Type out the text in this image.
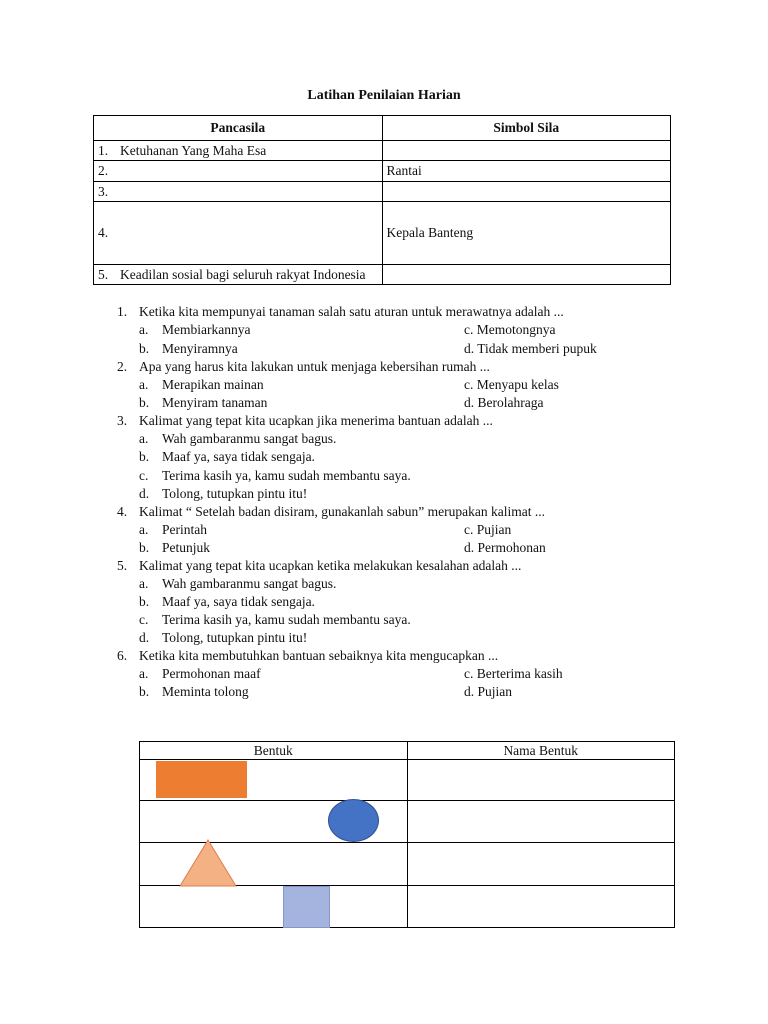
Latihan Penilaian Harian
Pancasila	Simbol Sila
1. Ketuhanan Yang Maha Esa	
2.	Rantai
3.	
4.	Kepala Banteng
5. Keadilan sosial bagi seluruh rakyat Indonesia	
1. Ketika kita mempunyai tanaman salah satu aturan untuk merawatnya adalah ...
a. Membiarkannya
b. Menyiramnya
c. Memotongnya
d. Tidak memberi pupuk
2. Apa yang harus kita lakukan untuk menjaga kebersihan rumah ...
a. Merapikan mainan
b. Menyiram tanaman
c. Menyapu kelas
d. Berolahraga
3. Kalimat yang tepat kita ucapkan jika menerima bantuan adalah ...
a. Wah gambaranmu sangat bagus.
b. Maaf ya, saya tidak sengaja.
c. Terima kasih ya, kamu sudah membantu saya.
d. Tolong, tutupkan pintu itu!
4. Kalimat “ Setelah badan disiram, gunakanlah sabun” merupakan kalimat ...
a. Perintah
b. Petunjuk
c. Pujian
d. Permohonan
5. Kalimat yang tepat kita ucapkan ketika melakukan kesalahan adalah ...
a. Wah gambaranmu sangat bagus.
b. Maaf ya, saya tidak sengaja.
c. Terima kasih ya, kamu sudah membantu saya.
d. Tolong, tutupkan pintu itu!
6. Ketika kita membutuhkan bantuan sebaiknya kita mengucapkan ...
a. Permohonan maaf
b. Meminta tolong
c. Berterima kasih
d. Pujian
Bentuk	Nama Bentuk
